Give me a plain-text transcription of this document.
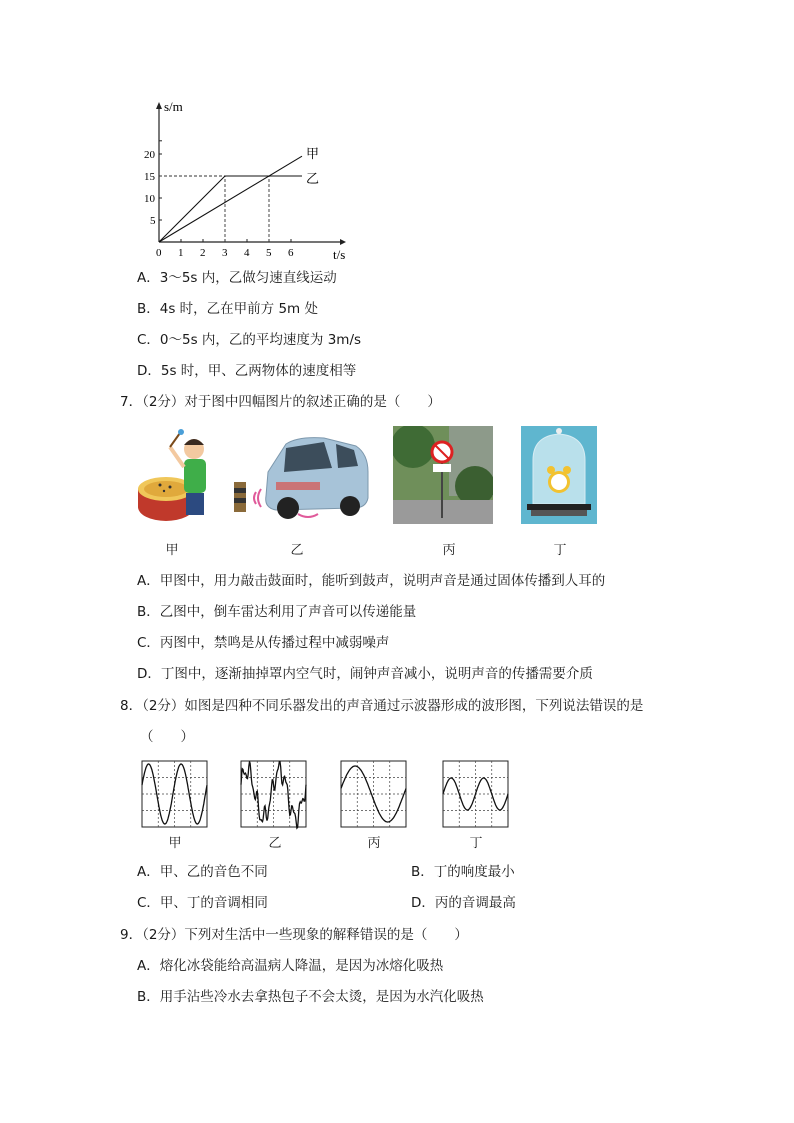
s/m
t/s
0 1 2 3 4 5 6
5
10
15
20	甲
乙
A．3～5s 内，乙做匀速直线运动
B．4s 时，乙在甲前方 5m 处
C．0～5s 内，乙的平均速度为 3m/s
D．5s 时，甲、乙两物体的速度相等
7．（2分）对于图中四幅图片的叙述正确的是（　　）
甲	乙	丙	丁
A．甲图中，用力敲击鼓面时，能听到鼓声，说明声音是通过固体传播到人耳的
B．乙图中，倒车雷达利用了声音可以传递能量
C．丙图中，禁鸣是从传播过程中减弱噪声
D．丁图中，逐渐抽掉罩内空气时，闹钟声音减小，说明声音的传播需要介质
8．（2分）如图是四种不同乐器发出的声音通过示波器形成的波形图，下列说法错误的是
（　　）
甲	乙	丙	丁
A．甲、乙的音色不同	B．丁的响度最小
C．甲、丁的音调相同	D．丙的音调最高
9．（2分）下列对生活中一些现象的解释错误的是（　　）
A．熔化冰袋能给高温病人降温，是因为冰熔化吸热
B．用手沾些冷水去拿热包子不会太烫，是因为水汽化吸热
